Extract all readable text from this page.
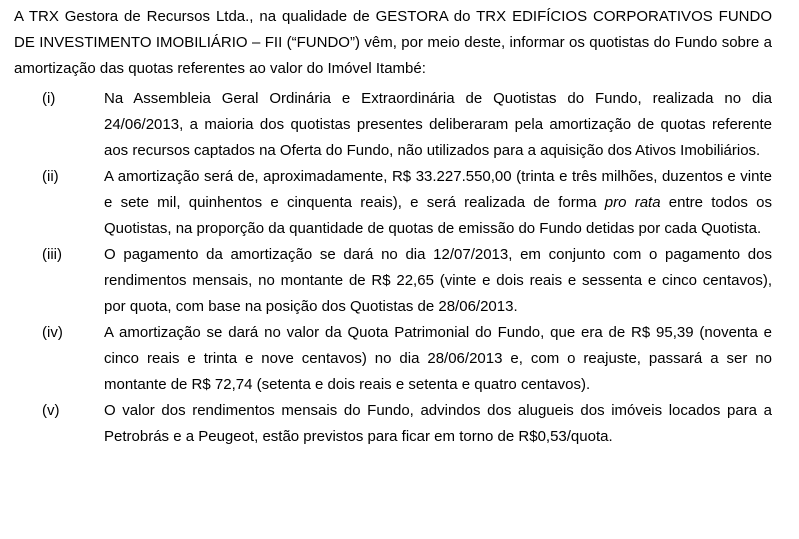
A TRX Gestora de Recursos Ltda., na qualidade de GESTORA do TRX EDIFÍCIOS CORPORATIVOS FUNDO DE INVESTIMENTO IMOBILIÁRIO – FII (“FUNDO”) vêm, por meio deste, informar os quotistas do Fundo sobre a amortização das quotas referentes ao valor do Imóvel Itambé:

(i)	Na Assembleia Geral Ordinária e Extraordinária de Quotistas do Fundo, realizada no dia 24/06/2013, a maioria dos quotistas presentes deliberaram pela amortização de quotas referente aos recursos captados na Oferta do Fundo, não utilizados para a aquisição dos Ativos Imobiliários.
(ii)	A amortização será de, aproximadamente, R$ 33.227.550,00 (trinta e três milhões, duzentos e vinte e sete mil, quinhentos e cinquenta reais), e será realizada de forma pro rata entre todos os Quotistas, na proporção da quantidade de quotas de emissão do Fundo detidas por cada Quotista.
(iii)	O pagamento da amortização se dará no dia 12/07/2013, em conjunto com o pagamento dos rendimentos mensais, no montante de R$ 22,65 (vinte e dois reais e sessenta e cinco centavos), por quota, com base na posição dos Quotistas de 28/06/2013.
(iv)	A amortização se dará no valor da Quota Patrimonial do Fundo, que era de R$ 95,39 (noventa e cinco reais e trinta e nove centavos) no dia 28/06/2013 e, com o reajuste, passará a ser no montante de R$ 72,74 (setenta e dois reais e setenta e quatro centavos).
(v)	O valor dos rendimentos mensais do Fundo, advindos dos alugueis dos imóveis locados para a Petrobrás e a Peugeot, estão previstos para ficar em torno de R$0,53/quota.
